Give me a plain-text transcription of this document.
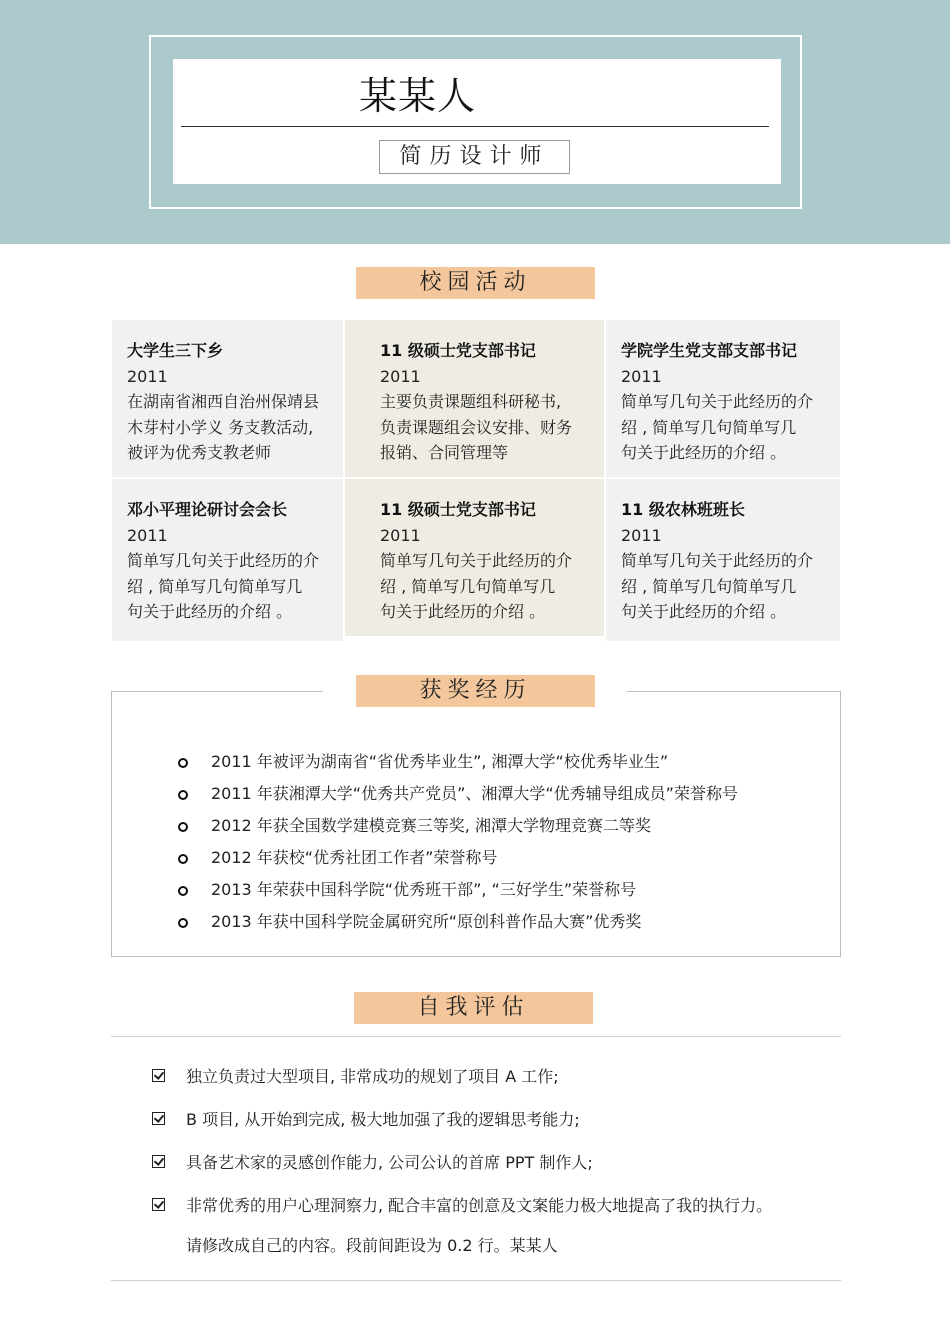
某某人
简历设计师
校园活动
大学生三下乡
2011
在湖南省湘西自治州保靖县
木芽村小学义 务支教活动,
被评为优秀支教老师
11 级硕士党支部书记
2011
主要负责课题组科研秘书,
负责课题组会议安排、财务
报销、合同管理等
学院学生党支部支部书记
2011
简单写几句关于此经历的介
绍 , 简单写几句简单写几
句关于此经历的介绍 。
邓小平理论研讨会会长
2011
简单写几句关于此经历的介
绍 , 简单写几句简单写几
句关于此经历的介绍 。
11 级硕士党支部书记
2011
简单写几句关于此经历的介
绍 , 简单写几句简单写几
句关于此经历的介绍 。
11 级农林班班长
2011
简单写几句关于此经历的介
绍 , 简单写几句简单写几
句关于此经历的介绍 。
获奖经历
2011 年被评为湖南省“省优秀毕业生”, 湘潭大学“校优秀毕业生”
2011 年获湘潭大学“优秀共产党员”、湘潭大学“优秀辅导组成员”荣誉称号
2012 年获全国数学建模竞赛三等奖, 湘潭大学物理竞赛二等奖
2012 年获校“优秀社团工作者”荣誉称号
2013 年荣获中国科学院“优秀班干部”, “三好学生”荣誉称号
2013 年获中国科学院金属研究所“原创科普作品大赛”优秀奖
自我评估
独立负责过大型项目, 非常成功的规划了项目 A 工作;
B 项目, 从开始到完成, 极大地加强了我的逻辑思考能力;
具备艺术家的灵感创作能力, 公司公认的首席 PPT 制作人;
非常优秀的用户心理洞察力, 配合丰富的创意及文案能力极大地提高了我的执行力。
请修改成自己的内容。段前间距设为 0.2 行。某某人
